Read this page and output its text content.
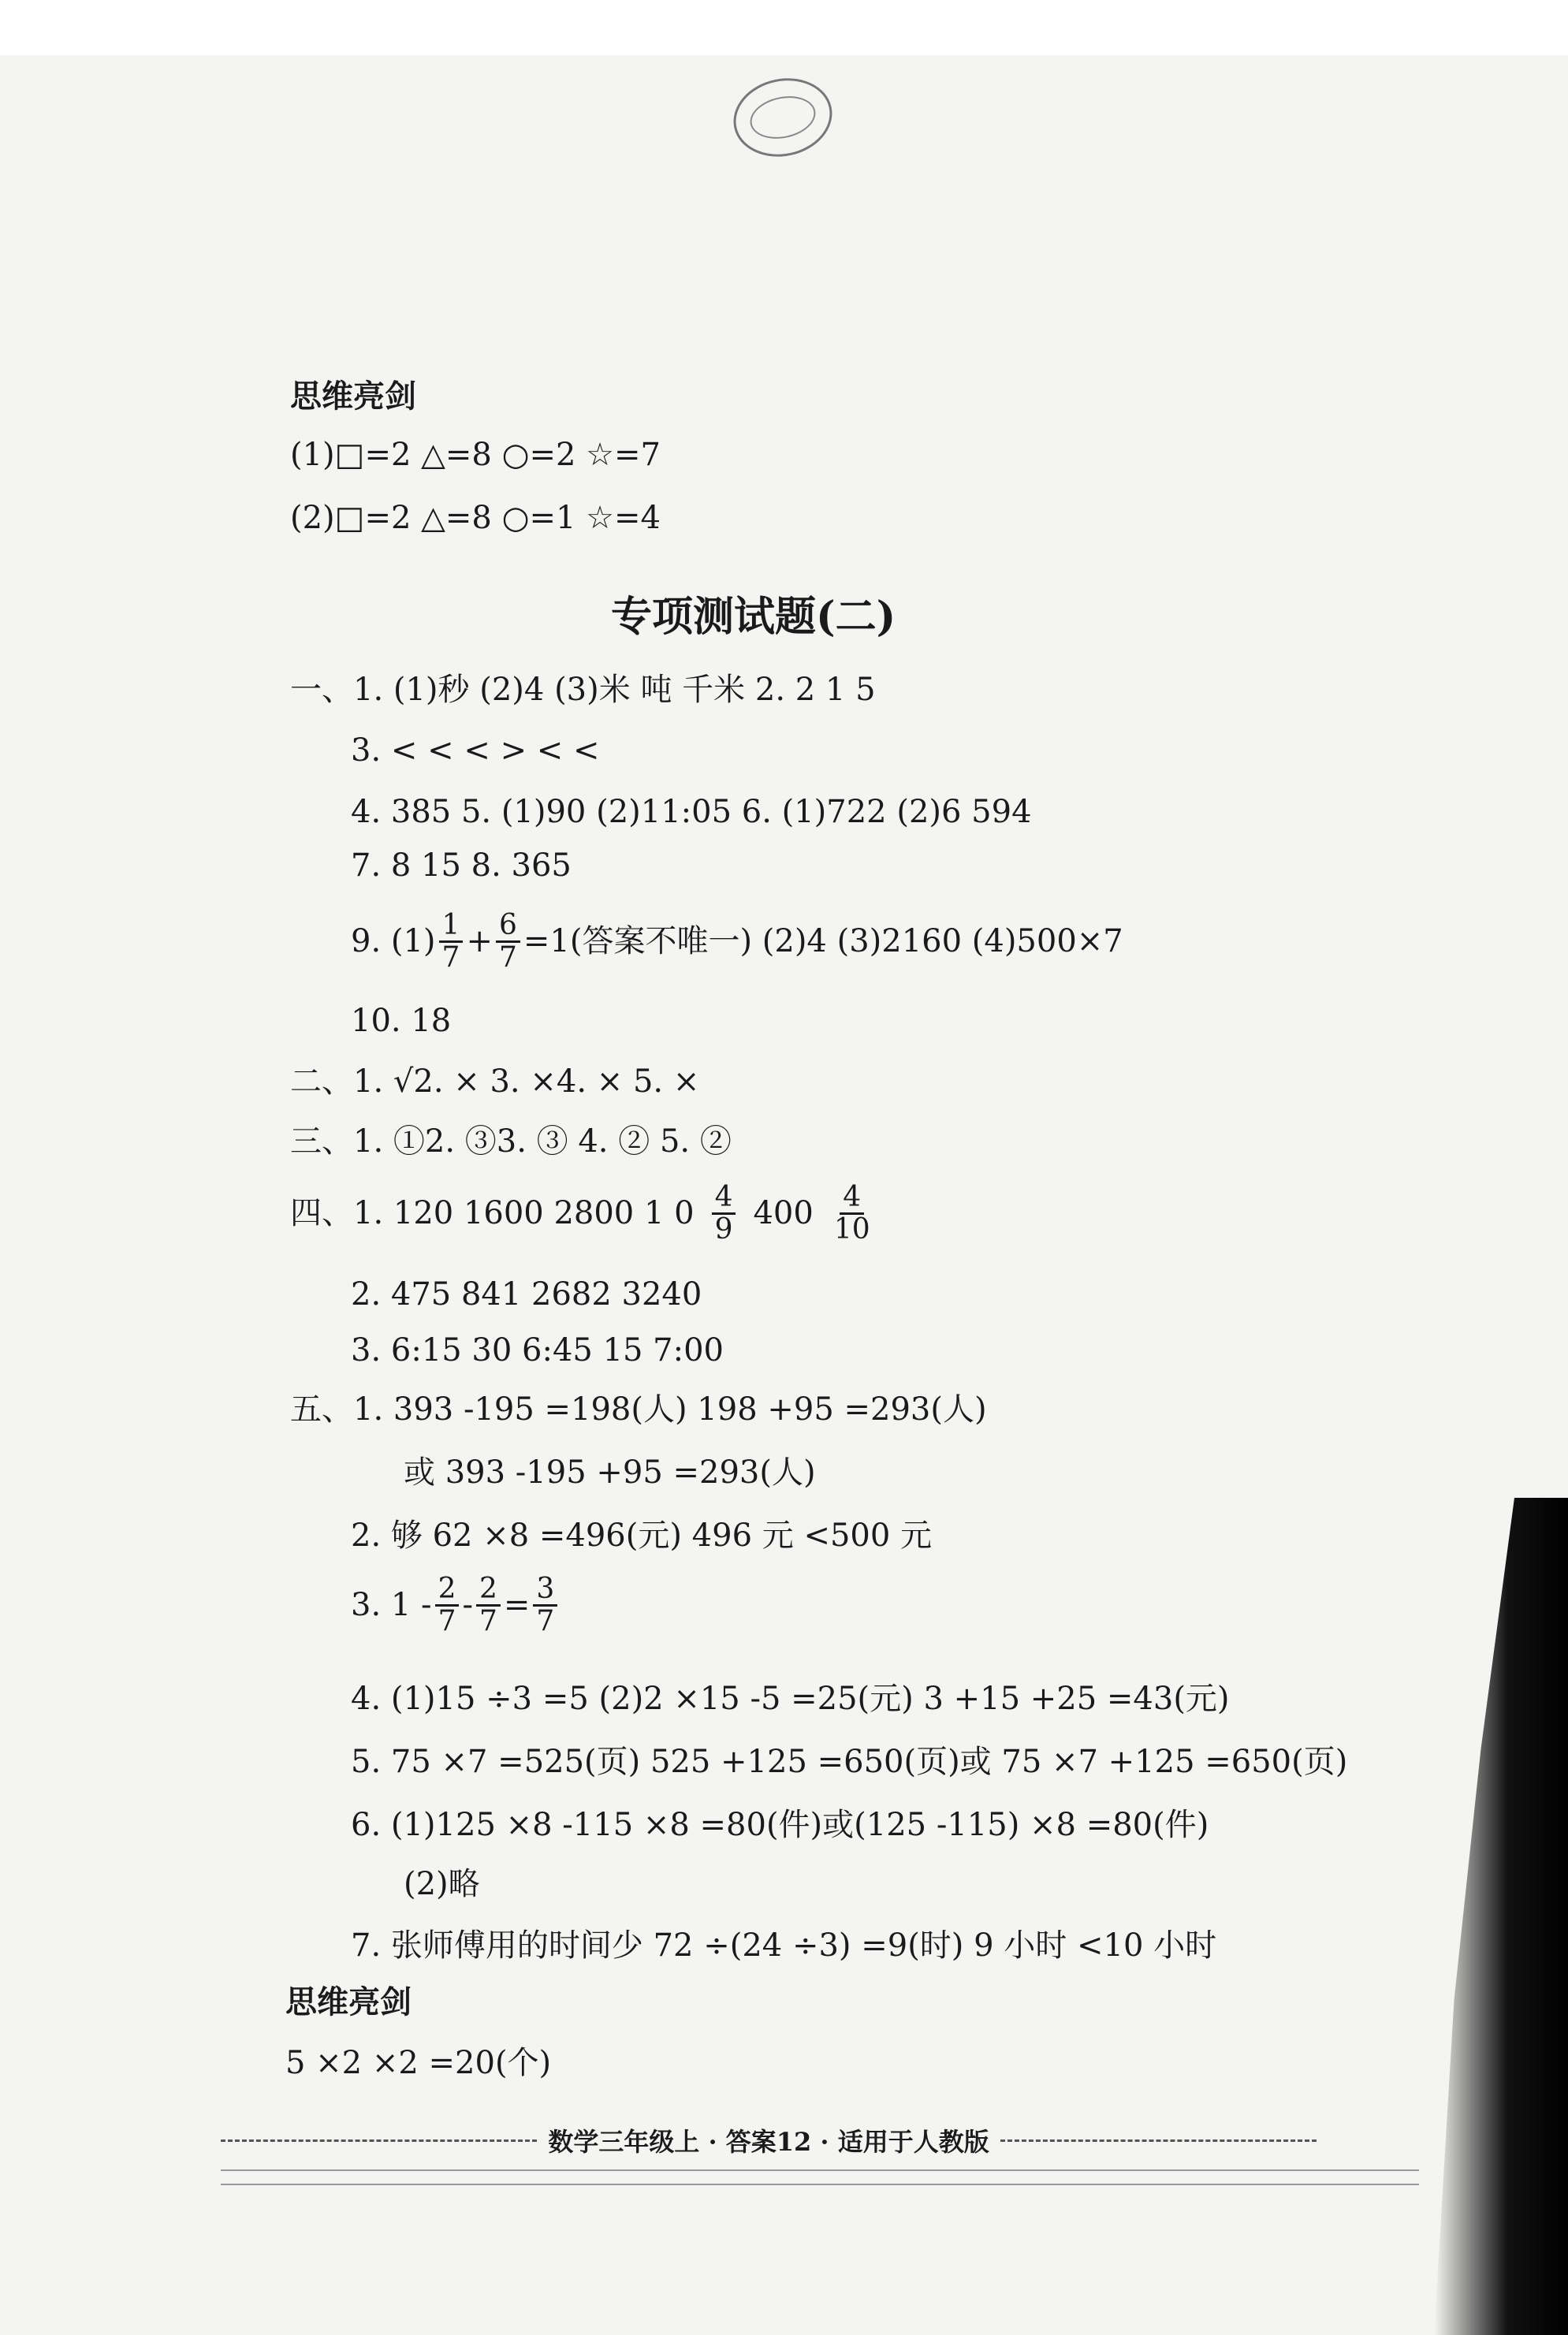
思维亮剑
(1)□=2 △=8 ○=2 ☆=7
(2)□=2 △=8 ○=1 ☆=4
专项测试题(二)
一、1. (1)秒 (2)4 (3)米 吨 千米 2. 2 1 5
3. < < < > < <
4. 385 5. (1)90 (2)11:05 6. (1)722 (2)6 594
7. 8 15 8. 365
9. $(1) \frac{1}{7} + \frac{6}{7} =1$(答案不唯一) (2)4 (3)2160 (4)500×7
10. 18
二、1. √2. × 3. ×4. × 5. ×
三、1. ①2. ③3. ③ 4. ② 5. ②
四、1. 120 1600 2800 1 $0 \frac{4}{9} 400 \frac{4}{10}$
2. 475 841 2682 3240
3. 6:15 30 6:45 15 7:00
五、1. 393 -195 =198(人) 198 +95 =293(人)
或 393 -195 +95 =293(人)
2. 够 62 ×8 =496(元) 496 元 <500 元
3. $1 - \frac{2}{7} - \frac{2}{7} = \frac{3}{7}$
4. (1)15 ÷3 =5 (2)2 ×15 -5 =25(元) 3 +15 +25 =43(元)
5. 75 ×7 =525(页) 525 +125 =650(页)或 75 ×7 +125 =650(页)
6. (1)125 ×8 -115 ×8 =80(件)或(125 -115) ×8 =80(件)
(2)略
7. 张师傅用的时间少 72 ÷(24 ÷3) =9(时) 9 小时 <10 小时
思维亮剑
5 ×2 ×2 =20(个)
数学三年级上 · 答案12 · 适用于人教版
